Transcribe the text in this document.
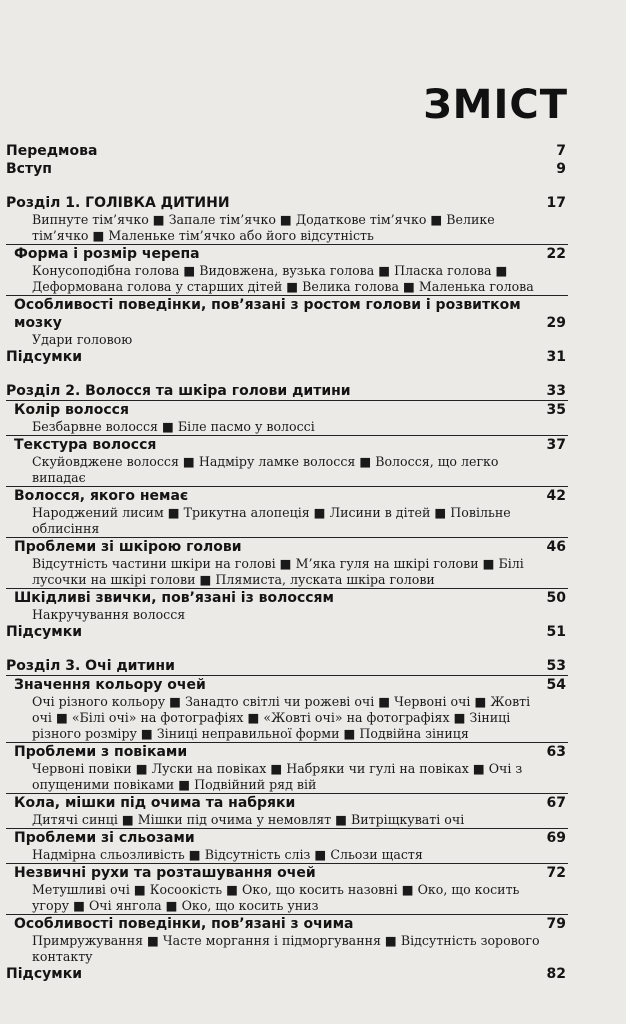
ЗМІСТ
Передмова	7
Вступ	9
Розділ 1. ГОЛІВКА ДИТИНИ	17
Випнуте тім’ячко ■ Запале тім’ячко ■ Додаткове тім’ячко ■ Велике тім’ячко ■ Маленьке тім’ячко або його відсутність
Форма і розмір черепа	22
Конусоподібна голова ■ Видовжена, вузька голова ■ Пласка голова ■ Деформована голова у старших дітей ■ Велика голова ■ Маленька голова
Особливості поведінки, пов’язані з ростом голови і розвитком мозку	29
Удари головою
Підсумки	31
Розділ 2. Волосся та шкіра голови дитини	33
Колір волосся	35
Безбарвне волосся ■ Біле пасмо у волоссі
Текстура волосся	37
Скуйовджене волосся ■ Надміру ламке волосся ■ Волосся, що легко випадає
Волосся, якого немає	42
Народжений лисим ■ Трикутна алопеція ■ Лисини в дітей ■ Повільне облисіння
Проблеми зі шкірою голови	46
Відсутність частини шкіри на голові ■ М’яка гуля на шкірі голови ■ Білі лусочки на шкірі голови ■ Плямиста, луската шкіра голови
Шкідливі звички, пов’язані із волоссям	50
Накручування волосся
Підсумки	51
Розділ 3. Очі дитини	53
Значення кольору очей	54
Очі різного кольору ■ Занадто світлі чи рожеві очі ■ Червоні очі ■ Жовті очі ■ «Білі очі» на фотографіях ■ «Жовті очі» на фотографіях ■ Зіниці різного розміру ■ Зіниці неправильної форми ■ Подвійна зіниця
Проблеми з повіками	63
Червоні повіки ■ Луски на повіках ■ Набряки чи гулі на повіках ■ Очі з опущеними повіками ■ Подвійний ряд вій
Кола, мішки під очима та набряки	67
Дитячі синці ■ Мішки під очима у немовлят ■ Витріщкуваті очі
Проблеми зі сльозами	69
Надмірна сльозливість ■ Відсутність сліз ■ Сльози щастя
Незвичні рухи та розташування очей	72
Метушливі очі ■ Косоокість ■ Око, що косить назовні ■ Око, що косить угору ■ Очі янгола ■ Око, що косить униз
Особливості поведінки, пов’язані з очима	79
Примружування ■ Часте моргання і підморгування ■ Відсутність зорового контакту
Підсумки	82
